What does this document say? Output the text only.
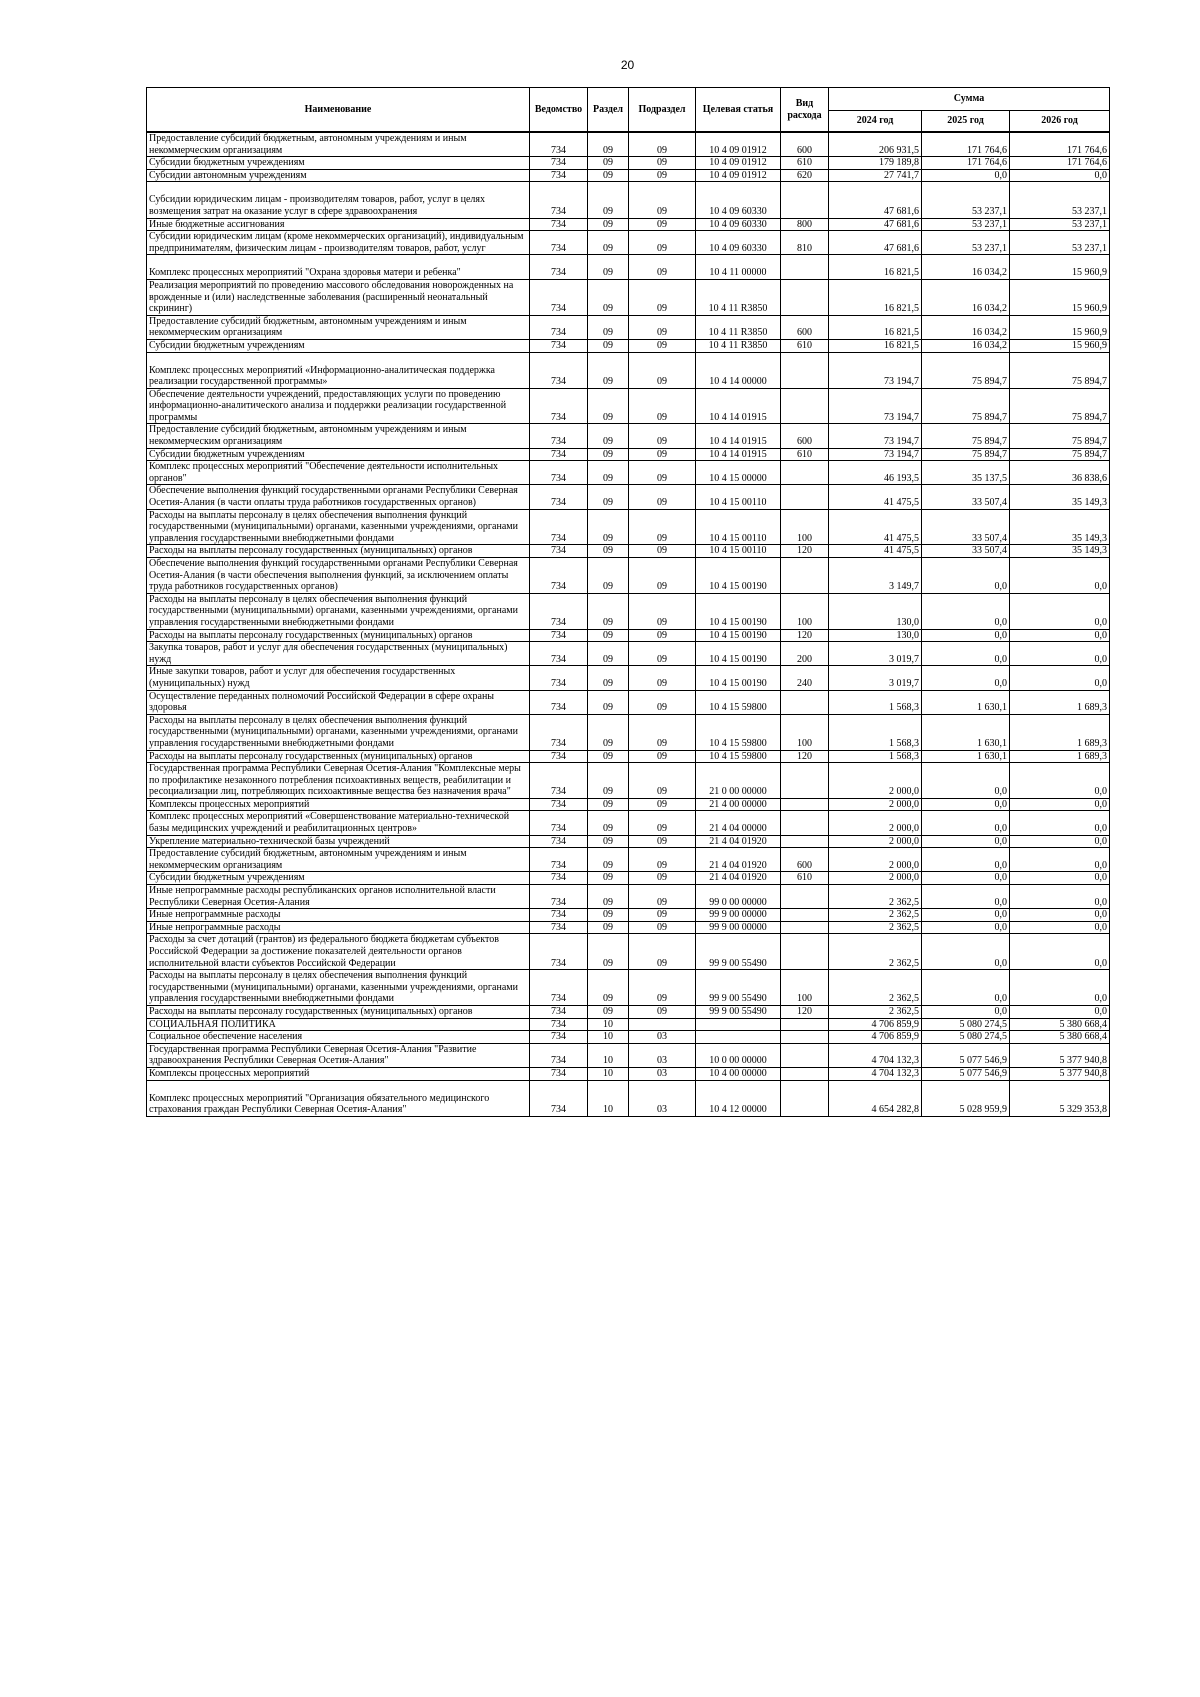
20
Наименование	Ведомство	Раздел	Подраздел	Целевая статья	Вид расхода	Сумма		
						2024 год	2025 год	2026 год
Предоставление субсидий бюджетным, автономным учреждениям и иным некоммерческим организациям	734	09	09	10 4 09 01912	600	206 931,5	171 764,6	171 764,6
Субсидии бюджетным учреждениям	734	09	09	10 4 09 01912	610	179 189,8	171 764,6	171 764,6
Субсидии автономным учреждениям	734	09	09	10 4 09 01912	620	27 741,7	0,0	0,0
Субсидии юридическим лицам - производителям товаров, работ, услуг в целях возмещения затрат на оказание услуг в сфере здравоохранения	734	09	09	10 4 09 60330		47 681,6	53 237,1	53 237,1
Иные бюджетные ассигнования	734	09	09	10 4 09 60330	800	47 681,6	53 237,1	53 237,1
Субсидии юридическим лицам (кроме некоммерческих организаций), индивидуальным предпринимателям, физическим лицам - производителям товаров, работ, услуг	734	09	09	10 4 09 60330	810	47 681,6	53 237,1	53 237,1
Комплекс процессных мероприятий "Охрана здоровья матери и ребенка"	734	09	09	10 4 11 00000		16 821,5	16 034,2	15 960,9
Реализация мероприятий по проведению массового обследования новорожденных на врожденные и (или) наследственные заболевания (расширенный неонатальный скрининг)	734	09	09	10 4 11 R3850		16 821,5	16 034,2	15 960,9
Предоставление субсидий бюджетным, автономным учреждениям и иным некоммерческим организациям	734	09	09	10 4 11 R3850	600	16 821,5	16 034,2	15 960,9
Субсидии бюджетным учреждениям	734	09	09	10 4 11 R3850	610	16 821,5	16 034,2	15 960,9
Комплекс процессных мероприятий «Информационно-аналитическая поддержка реализации государственной программы»	734	09	09	10 4 14 00000		73 194,7	75 894,7	75 894,7
Обеспечение деятельности учреждений, предоставляющих услуги по проведению информационно-аналитического анализа и поддержки реализации государственной программы	734	09	09	10 4 14 01915		73 194,7	75 894,7	75 894,7
Предоставление субсидий бюджетным, автономным учреждениям и иным некоммерческим организациям	734	09	09	10 4 14 01915	600	73 194,7	75 894,7	75 894,7
Субсидии бюджетным учреждениям	734	09	09	10 4 14 01915	610	73 194,7	75 894,7	75 894,7
Комплекс процессных мероприятий "Обеспечение деятельности исполнительных органов"	734	09	09	10 4 15 00000		46 193,5	35 137,5	36 838,6
Обеспечение выполнения функций государственными органами Республики Северная Осетия-Алания (в части оплаты труда работников государственных органов)	734	09	09	10 4 15 00110		41 475,5	33 507,4	35 149,3
Расходы на выплаты персоналу в целях обеспечения выполнения функций государственными (муниципальными) органами, казенными учреждениями, органами управления государственными внебюджетными фондами	734	09	09	10 4 15 00110	100	41 475,5	33 507,4	35 149,3
Расходы на выплаты персоналу государственных (муниципальных) органов	734	09	09	10 4 15 00110	120	41 475,5	33 507,4	35 149,3
Обеспечение выполнения функций государственными органами Республики Северная Осетия-Алания (в части обеспечения выполнения функций, за исключением оплаты труда работников государственных органов)	734	09	09	10 4 15 00190		3 149,7	0,0	0,0
Расходы на выплаты персоналу в целях обеспечения выполнения функций государственными (муниципальными) органами, казенными учреждениями, органами управления государственными внебюджетными фондами	734	09	09	10 4 15 00190	100	130,0	0,0	0,0
Расходы на выплаты персоналу государственных (муниципальных) органов	734	09	09	10 4 15 00190	120	130,0	0,0	0,0
Закупка товаров, работ и услуг для обеспечения государственных (муниципальных) нужд	734	09	09	10 4 15 00190	200	3 019,7	0,0	0,0
Иные закупки товаров, работ и услуг для обеспечения государственных (муниципальных) нужд	734	09	09	10 4 15 00190	240	3 019,7	0,0	0,0
Осуществление переданных полномочий Российской Федерации в сфере охраны здоровья	734	09	09	10 4 15 59800		1 568,3	1 630,1	1 689,3
Расходы на выплаты персоналу в целях обеспечения выполнения функций государственными (муниципальными) органами, казенными учреждениями, органами управления государственными внебюджетными фондами	734	09	09	10 4 15 59800	100	1 568,3	1 630,1	1 689,3
Расходы на выплаты персоналу государственных (муниципальных) органов	734	09	09	10 4 15 59800	120	1 568,3	1 630,1	1 689,3
Государственная программа Республики Северная Осетия-Алания "Комплексные меры по профилактике незаконного потребления психоактивных веществ, реабилитации и ресоциализации лиц, потребляющих психоактивные вещества без назначения врача"	734	09	09	21 0 00 00000		2 000,0	0,0	0,0
Комплексы процессных мероприятий	734	09	09	21 4 00 00000		2 000,0	0,0	0,0
Комплекс процессных мероприятий «Совершенствование материально-технической базы медицинских учреждений и реабилитационных центров»	734	09	09	21 4 04 00000		2 000,0	0,0	0,0
Укрепление материально-технической базы учреждений	734	09	09	21 4 04 01920		2 000,0	0,0	0,0
Предоставление субсидий бюджетным, автономным учреждениям и иным некоммерческим организациям	734	09	09	21 4 04 01920	600	2 000,0	0,0	0,0
Субсидии бюджетным учреждениям	734	09	09	21 4 04 01920	610	2 000,0	0,0	0,0
Иные непрограммные расходы республиканских органов исполнительной власти Республики Северная Осетия-Алания	734	09	09	99 0 00 00000		2 362,5	0,0	0,0
Иные непрограммные расходы	734	09	09	99 9 00 00000		2 362,5	0,0	0,0
Иные непрограммные расходы	734	09	09	99 9 00 00000		2 362,5	0,0	0,0
Расходы за счет дотаций (грантов) из федерального бюджета бюджетам субъектов Российской Федерации за достижение показателей деятельности органов исполнительной власти субъектов Российской Федерации	734	09	09	99 9 00 55490		2 362,5	0,0	0,0
Расходы на выплаты персоналу в целях обеспечения выполнения функций государственными (муниципальными) органами, казенными учреждениями, органами управления государственными внебюджетными фондами	734	09	09	99 9 00 55490	100	2 362,5	0,0	0,0
Расходы на выплаты персоналу государственных (муниципальных) органов	734	09	09	99 9 00 55490	120	2 362,5	0,0	0,0
СОЦИАЛЬНАЯ ПОЛИТИКА	734	10				4 706 859,9	5 080 274,5	5 380 668,4
Социальное обеспечение населения	734	10	03			4 706 859,9	5 080 274,5	5 380 668,4
Государственная программа Республики Северная Осетия-Алания "Развитие здравоохранения Республики Северная Осетия-Алания"	734	10	03	10 0 00 00000		4 704 132,3	5 077 546,9	5 377 940,8
Комплексы процессных мероприятий	734	10	03	10 4 00 00000		4 704 132,3	5 077 546,9	5 377 940,8
Комплекс процессных мероприятий "Организация обязательного медицинского страхования граждан Республики Северная Осетия-Алания"	734	10	03	10 4 12 00000		4 654 282,8	5 028 959,9	5 329 353,8
